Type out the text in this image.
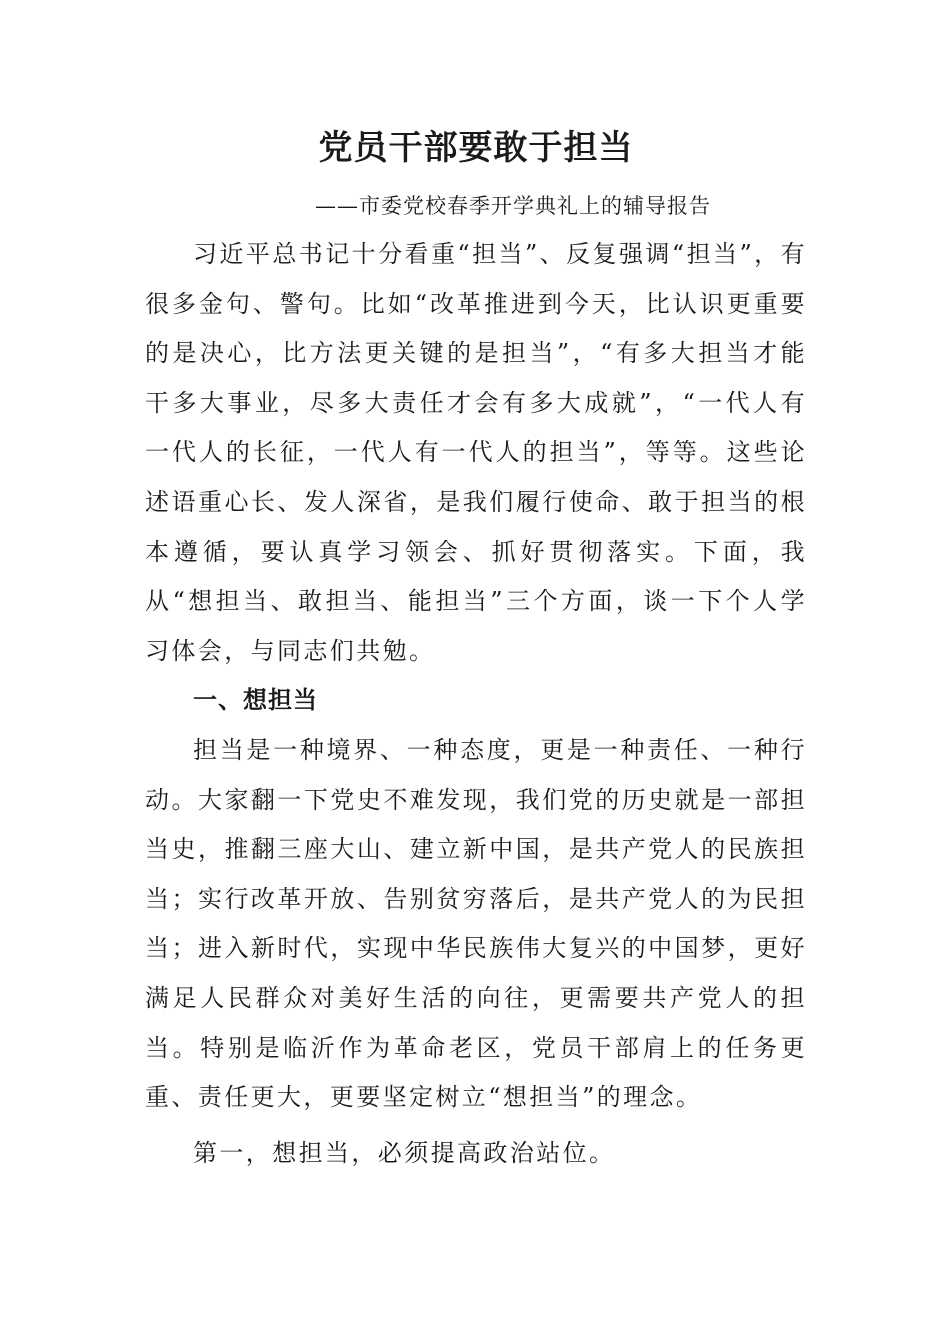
党员干部要敢于担当
——市委党校春季开学典礼上的辅导报告

习近平总书记十分看重“担当”、反复强调“担当”，有很多金句、警句。比如“改革推进到今天，比认识更重要的是决心，比方法更关键的是担当”，“有多大担当才能干多大事业，尽多大责任才会有多大成就”，“一代人有一代人的长征，一代人有一代人的担当”，等等。这些论述语重心长、发人深省，是我们履行使命、敢于担当的根本遵循，要认真学习领会、抓好贯彻落实。下面，我从“想担当、敢担当、能担当”三个方面，谈一下个人学习体会，与同志们共勉。

一、想担当

担当是一种境界、一种态度，更是一种责任、一种行动。大家翻一下党史不难发现，我们党的历史就是一部担当史，推翻三座大山、建立新中国，是共产党人的民族担当；实行改革开放、告别贫穷落后，是共产党人的为民担当；进入新时代，实现中华民族伟大复兴的中国梦，更好满足人民群众对美好生活的向往，更需要共产党人的担当。特别是临沂作为革命老区，党员干部肩上的任务更重、责任更大，更要坚定树立“想担当”的理念。

第一，想担当，必须提高政治站位。
